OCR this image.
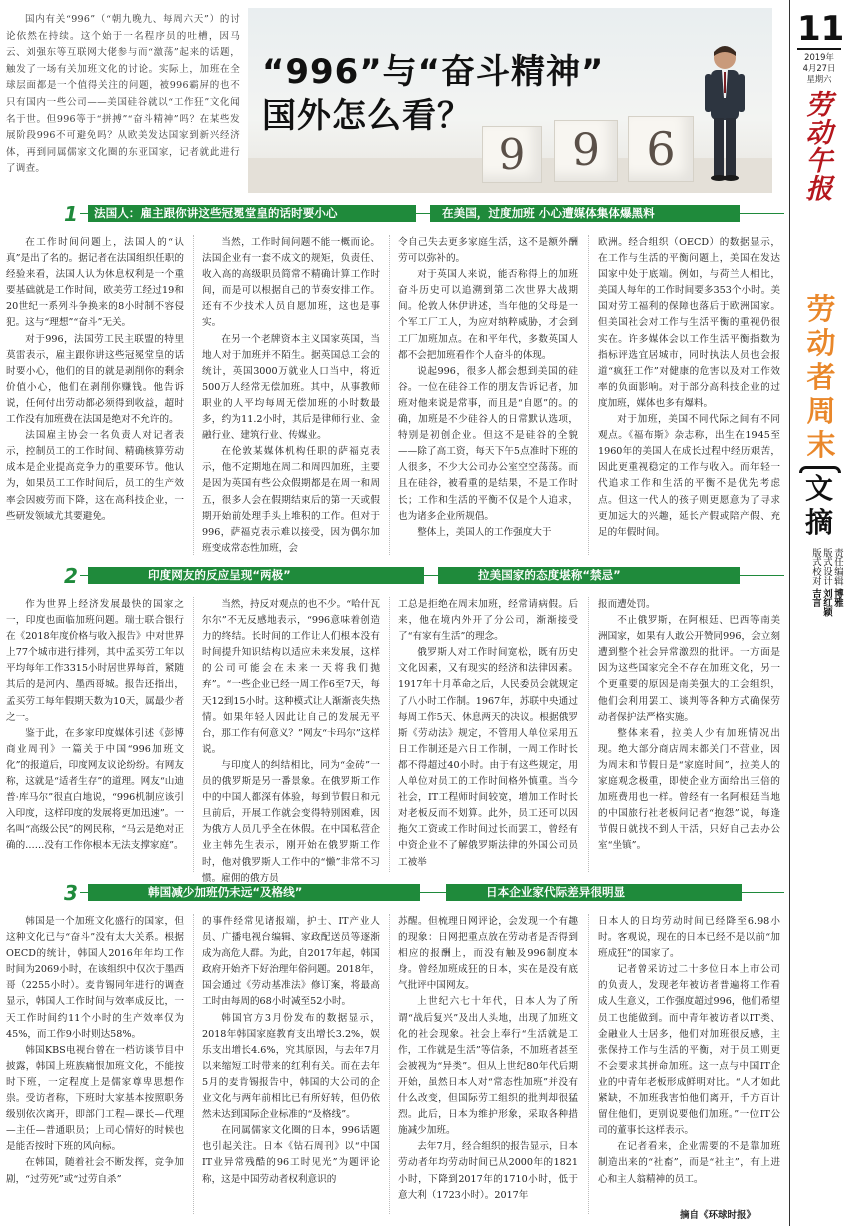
国内有关“996”（“朝九晚九、每周六天”）的讨论依然在持续。这个始于一名程序员的吐槽，因马云、刘强东等互联网大佬参与而“激荡”起来的话题，触发了一场有关加班文化的讨论。实际上，加班在全球层面都是一个值得关注的问题，被996霸屏的也不只有国内一些公司——美国硅谷就以“工作狂”文化闻名于世。但996等于“拼搏”“奋斗精神”吗？在某些发展阶段996不可避免吗？从欧美发达国家到新兴经济体，再到同属儒家文化圈的东亚国家，记者就此进行了调查。

“996”与“奋斗精神”
国外怎么看？
9	9	6
11
2019年
4月27日
星期六
劳动午报
劳动者周末
文摘
责任编辑 博雅
版式设计 刘红颖
版式校对 吉言
1	法国人：雇主跟你讲这些冠冕堂皇的话时要小心	在美国，过度加班 小心遭媒体集体爆黑料

在工作时间问题上，法国人的“认真”是出了名的。据记者在法国组织任职的经验来看，法国人认为休息权利是一个重要基础就是工作时间，欧美劳工经过19和20世纪一系列斗争换来的8小时制不容侵犯。这与“理想”“奋斗”无关。

对于996，法国劳工民主联盟的特里莫雷表示，雇主跟你讲这些冠冕堂皇的话时要小心，他们的目的就是剥削你的剩余价值小心，他们在剥削你赚钱。他告诉说，任何付出劳动都必须得到收益，超时工作没有加班费在法国是绝对不允许的。

法国雇主协会一名负责人对记者表示，控制员工的工作时间、精确核算劳动成本是企业提高竞争力的重要环节。他认为，如果员工工作时间后，员工的生产效率会因疲劳而下降，这在高科技企业，一些研发领域尤其要避免。

当然，工作时间问题不能一概而论。法国企业有一套不成文的规矩，负责任、收入高的高级职员简常不精确计算工作时间，而是可以根据自己的节奏安排工作。还有不少技术人员自愿加班，这也是事实。

在另一个老牌资本主义国家英国，当地人对于加班并不陌生。据英国总工会的统计，英国3000万就业人口当中，将近500万人经常无偿加班。其中，从事教师职业的人平均每周无偿加班的小时数最多，约为11.2小时，其后是律师行业、金融行业、建筑行业、传媒业。

在伦敦某媒体机构任职的萨福克表示，他不定期地在周二和周四加班，主要是因为英国有些公众假期都是在周一和周五，很多人会在假期结束后的第一天或假期开始前处理手头上堆积的工作。但对于996，萨福克表示难以接受，因为偶尔加班变成常态性加班，会

令自己失去更多家庭生活，这不是额外酬劳可以弥补的。

对于英国人来说，能否称得上的加班奋斗历史可以追溯到第二次世界大战期间。伦敦人休伊讲述，当年他的父母是一个军工厂工人，为应对纳粹威胁，才会到工厂加班加点。在和平年代，多数英国人都不会把加班看作个人奋斗的体现。

说起996，很多人都会想到美国的硅谷。一位在硅谷工作的朋友告诉记者，加班对他来说是常事，而且是“自愿”的。的确，加班是不少硅谷人的日常默认选项，特别是初创企业。但这不是硅谷的全貌——除了高工资，每天下午5点准时下班的人很多，不少大公司办公室空空荡荡。而且在硅谷，被看重的是结果，不是工作时长；工作和生活的平衡不仅是个人追求，也为诸多企业所规倡。

整体上，美国人的工作强度大于

欧洲。经合组织（OECD）的数据显示，在工作与生活的平衡问题上，美国在发达国家中处于底端。例如，与荷兰人相比，美国人每年的工作时间要多353个小时。美国对劳工福利的保障也落后于欧洲国家。但美国社会对工作与生活平衡的重视仍很实在。许多媒体会以工作生活平衡指数为指标评选宜居城市，同时执法人员也会报道“疯狂工作”对健康的危害以及对工作效率的负面影响。对于部分高科技企业的过度加班，媒体也多有爆料。

对于加班，美国不同代际之间有不同观点。《福布斯》杂志称，出生在1945至1960年的美国人在成长过程中经历艰苦，因此更重视稳定的工作与收入。而年轻一代追求工作和生活的平衡不是优先考虑点。但这一代人的孩子则更愿意为了寻求更加远大的兴趣，延长产假或陪产假、充足的年假时间。

2	印度网友的反应呈现“两极”	拉美国家的态度堪称“禁忌”

作为世界上经济发展最快的国家之一，印度也面临加班问题。瑞士联合银行在《2018年度价格与收入报告》中对世界上77个城市进行排列，其中孟买劳工年以平均每年工作3315小时居世界每首，紧随其后的是河内、墨西哥城。报告还指出，孟买劳工每年假期天数为10天，属最少者之一。

鉴于此，在多家印度媒体引述《彭博商业周刊》一篇关于中国“996加班文化”的报道后，印度网友议论纷纷。有网友称，这就是“适者生存”的道理。网友“山迪普·库马尔”很直白地说，“996机制应该引入印度，这样印度的发展将更加迅速”。一名叫“高级公民”的网民称，“马云是绝对正确的……没有工作你根本无法支撑家庭”。

当然，持反对观点的也不少。“哈什瓦尔尔”不无反感地表示，“996意味着创造力的终结。长时间的工作让人们根本没有时间提升知识结构以适应未来发展，这样的公司可能会在未来一天将我们抛弃”。“一些企业已经一周工作6至7天，每天12到15小时。这种模式让人渐渐丧失热情。如果年轻人因此让自己的发展无平台，那工作有何意义？”网友“卡玛尔”这样说。

与印度人的纠结相比，同为“金砖”一员的俄罗斯是另一番景象。在俄罗斯工作中的中国人都深有体验，每到节假日和元旦前后，开展工作就会变得特别困难，因为俄方人员几乎全在休假。在中国私营企业主韩先生表示，刚开始在俄罗斯工作时，他对俄罗斯人工作中的“懒”非常不习惯。雇佣的俄方员

工总是拒绝在周末加班，经常请病假。后来，他在境内外开了分公司，渐渐接受了“有家有生活”的理念。

俄罗斯人对工作时间宽松，既有历史文化因素，又有现实的经济和法律因素。1917年十月革命之后，人民委员会就规定了八小时工作制。1967年，苏联中央通过每周工作5天、休息两天的决议。根据俄罗斯《劳动法》规定，不管用人单位采用五日工作制还是六日工作制，一周工作时长都不得超过40小时。由于有这些规定，用人单位对员工的工作时间格外慎重。当今社会，IT工程师时间较宽，增加工作时长对老板反而不划算。此外，员工还可以因拖欠工资或工作时间过长而罢工，曾经有中资企业不了解俄罗斯法律的外国公司员工被举

报而遭处罚。

不止俄罗斯，在阿根廷、巴西等南美洲国家，如果有人敢公开赞同996，会立刻遭到整个社会异常激烈的批评。一方面是因为这些国家完全不存在加班文化，另一个更重要的原因是南美强大的工会组织，他们会利用罢工、谈判等各种方式确保劳动者保护法严格实施。

整体来看，拉美人少有加班情况出现。绝大部分商店周末都关门不营业，因为周末和节假日是“家庭时间”，拉美人的家庭观念极重，即使企业方面给出三倍的加班费用也一样。曾经有一名阿根廷当地的中国旅行社老板问记者“抱怨”说，每逢节假日就找不到人干活，只好自己去办公室“坐镇”。

3	韩国减少加班仍未远“及格线”	日本企业家代际差异很明显

韩国是一个加班文化盛行的国家，但这种文化已与“奋斗”没有太大关系。根据OECD的统计，韩国人2016年年均工作时间为2069小时，在该组织中仅次于墨西哥（2255小时）。麦肯锡同年进行的调查显示，韩国人工作时间与效率成反比，一天工作时间约11个小时的生产效率仅为45%，而工作9小时则达58%。

韩国KBS电视台曾在一档访谈节目中披露，韩国上班族痛恨加班文化，不能按时下班，一定程度上是儒家尊卑思想作祟。受访者称，下班时大家基本按照职务级别依次离开，即部门工程—课长—代理—主任—普通职员；上司心情好的时候也是能否按时下班的风向标。

在韩国，随着社会不断发挥，竞争加剧，“过劳死”或“过劳自杀”

的事件经常见诸报端，护士、IT产业人员、广播电视台编辑、家政配送员等逐渐成为高危人群。为此，自2017年起，韩国政府开始齐下好治理年俗问题。2018年，国会通过《劳动基准法》修订案，将最高工时由每周的68小时减至52小时。

韩国官方3月份发布的数据显示，2018年韩国家庭教育支出增长3.2%，娱乐支出增长4.6%，究其原因，与去年7月以来缩短工时带来的红利有关。而在去年5月的麦肯锡报告中，韩国的大公司的企业文化与两年前相比已有所好转，但仍依然未达到国际企业标准的“及格线”。

在同属儒家文化圈的日本，996话题也引起关注。日本《钻石周刊》以“中国IT业异常残酷的96工时见光”为题评论称，这是中国劳动者权利意识的

苏醒。但梳理日网评论，会发现一个有趣的现象：日网把重点放在劳动者是否得到相应的报酬上，而没有触及996制度本身。曾经加班成狂的日本，实在是没有底气批评中国网友。

上世纪六七十年代，日本人为了所谓“战后复兴”及出人头地，出现了加班文化的社会现象。社会上奉行“生活就是工作，工作就是生活”等信条，不加班者甚至会被视为“异类”。但从上世纪80年代后期开始，虽然日本人对“常态性加班”并没有什么改变，但国际劳工组织的批判却很猛烈。此后，日本为维护形象，采取各种措施减少加班。

去年7月，经合组织的报告显示，日本劳动者年均劳动时间已从2000年的1821小时，下降到2017年的1710小时，低于意大利（1723小时）。2017年

日本人的日均劳动时间已经降至6.98小时。客观说，现在的日本已经不是以前“加班成狂”的国家了。

记者曾采访过二十多位日本上市公司的负责人，发现老年被访者普遍将工作看成人生意义，工作强度超过996，他们希望员工也能做到。而中青年被访者以IT类、金融业人士居多，他们对加班很反感，主张保持工作与生活的平衡，对于员工则更不会要求其拼命加班。这一点与中国IT企业的中青年老板形成鲜明对比。“人才如此紧缺，不加班我害怕他们离开，千方百计留住他们，更别说要他们加班。”一位IT公司的董事长这样表示。

在记者看来，企业需要的不是靠加班制造出来的“社畜”，而是“社主”，有上进心和主人翁精神的员工。

摘自《环球时报》
